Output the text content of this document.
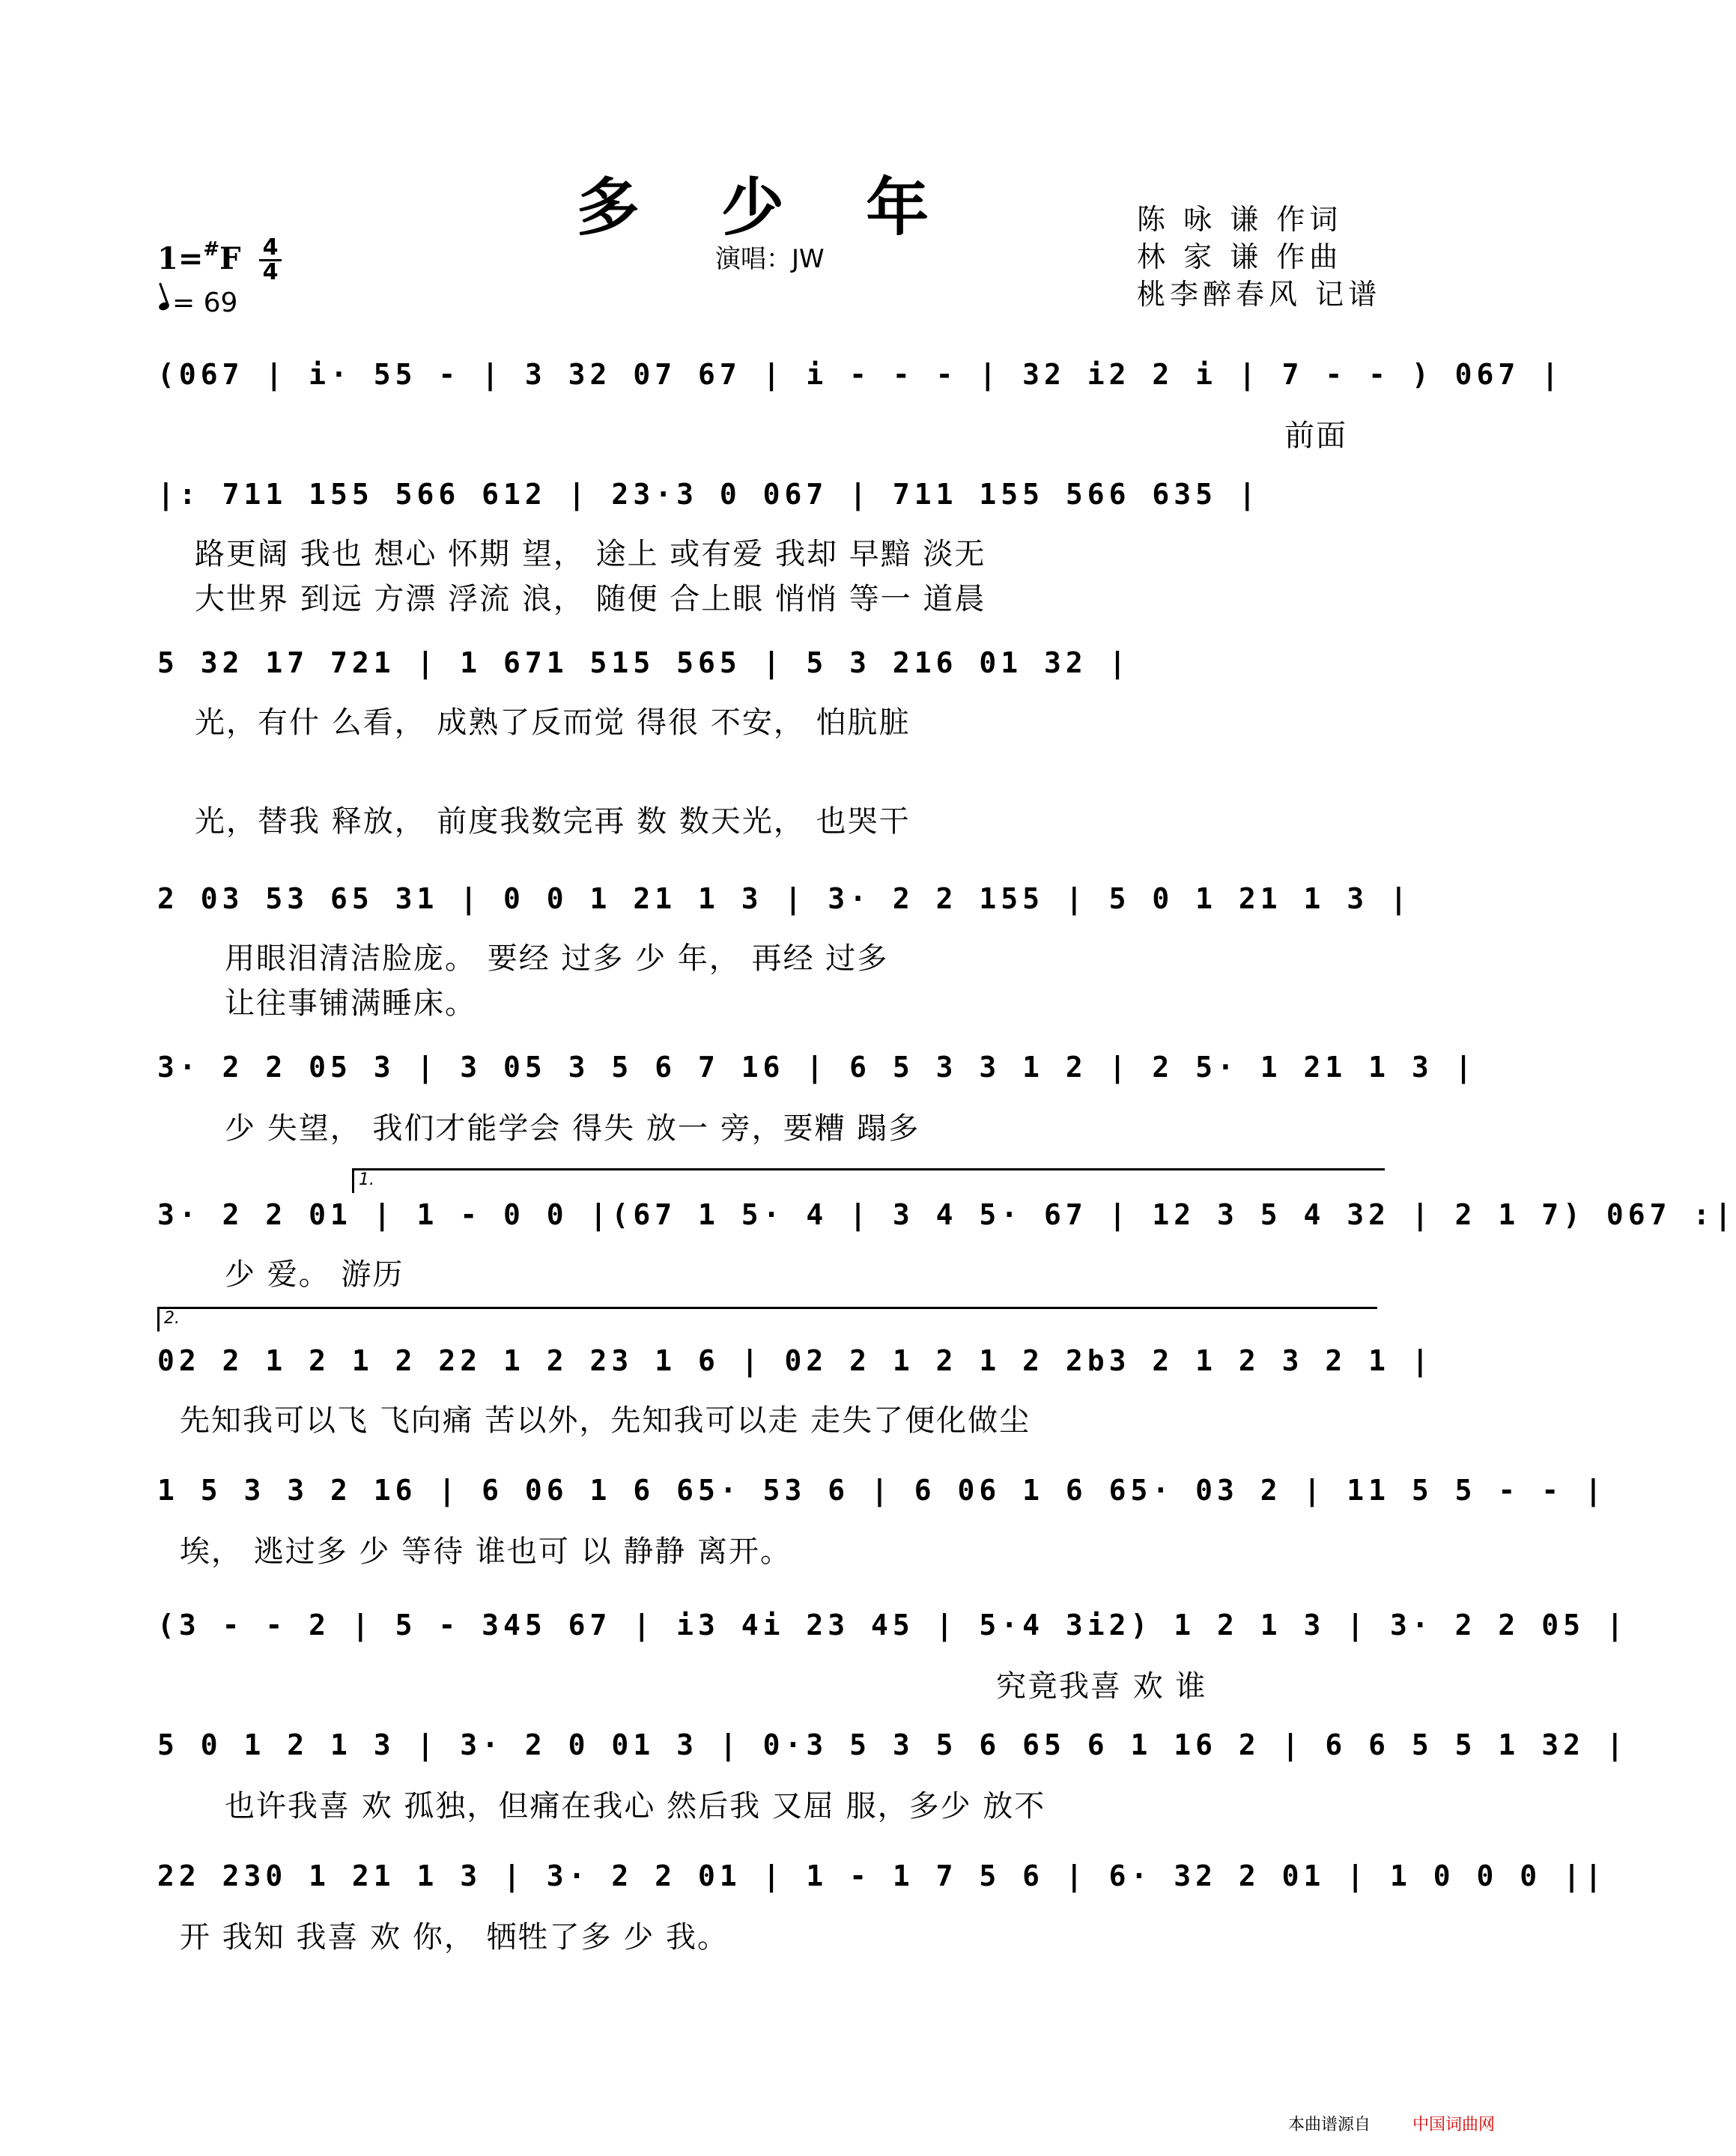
多 少 年
演唱：JW
陈 咏 谦 作词
林 家 谦 作曲
桃李醉春风 记谱
1=#F 4
4
= 69
(067 | i· 55 - | 3 32 07 67 | i - - - | 32 i2 2 i | 7 - - ) 067 |
前面
|: 711 155 566 612 | 23·3 0 067 | 711 155 566 635 |
路更阔 我也 想心 怀期 望， 途上 或有爱 我却 早黯 淡无
大世界 到远 方漂 浮流 浪， 随便 合上眼 悄悄 等一 道晨
5 32 17 721 | 1 671 515 565 | 5 3 216 01 32 |
光，有什 么看， 成熟了反而觉 得很 不安， 怕肮脏
光，替我 释放， 前度我数完再 数 数天光， 也哭干
2 03 53 65 31 | 0 0 1 21 1 3 | 3· 2 2 155 | 5 0 1 21 1 3 |
用眼泪清洁脸庞。 要经 过多 少 年， 再经 过多
让往事铺满睡床。
3· 2 2 05 3 | 3 05 3 5 6 7 16 | 6 5 3 3 1 2 | 2 5· 1 21 1 3 |
少 失望， 我们才能学会 得失 放一 旁，要糟 蹋多
1.
3· 2 2 01 | 1 - 0 0 |(67 1 5· 4 | 3 4 5· 67 | 12 3 5 4 32 | 2 1 7) 067 :|
少 爱。 游历
2.
02 2 1 2 1 2 22 1 2 23 1 6 | 02 2 1 2 1 2 2b3 2 1 2 3 2 1 |
先知我可以飞 飞向痛 苦以外，先知我可以走 走失了便化做尘
1 5 3 3 2 16 | 6 06 1 6 65· 53 6 | 6 06 1 6 65· 03 2 | 11 5 5 - - |
埃， 逃过多 少 等待 谁也可 以 静静 离开。
(3 - - 2 | 5 - 345 67 | i3 4i 23 45 | 5·4 3i2) 1 2 1 3 | 3· 2 2 05 |
究竟我喜 欢 谁
5 0 1 2 1 3 | 3· 2 0 01 3 | 0·3 5 3 5 6 65 6 1 16 2 | 6 6 5 5 1 32 |
也许我喜 欢 孤独，但痛在我心 然后我 又屈 服，多少 放不
22 230 1 21 1 3 | 3· 2 2 01 | 1 - 1 7 5 6 | 6· 32 2 01 | 1 0 0 0 ||
开 我知 我喜 欢 你， 牺牲了多 少 我。
本曲谱源自	中国词曲网
